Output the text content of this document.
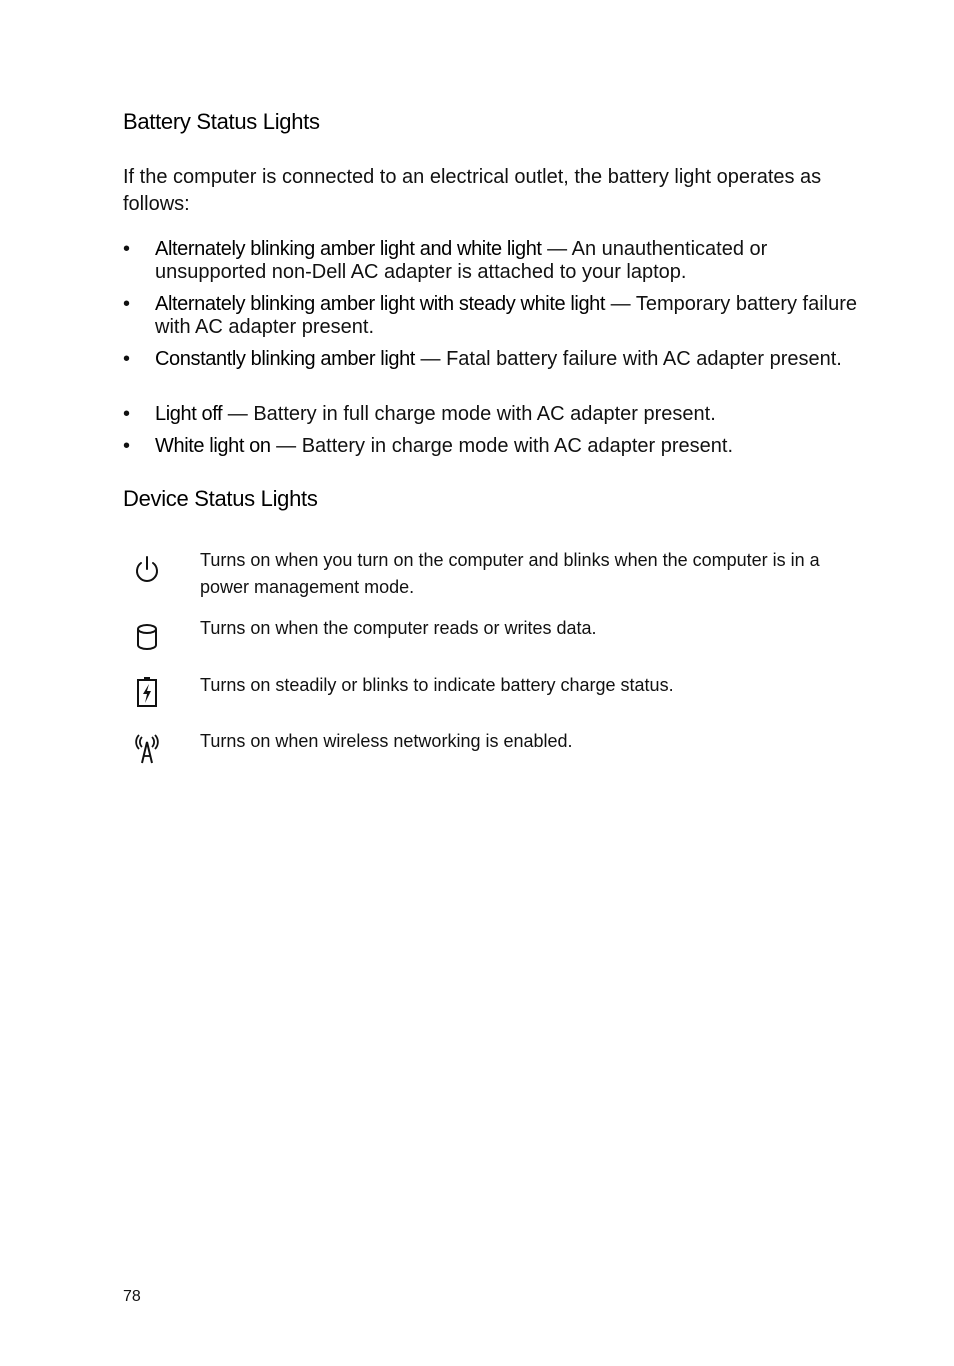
Battery Status Lights

If the computer is connected to an electrical outlet, the battery light operates as follows:

• Alternately blinking amber light and white light — An unauthenticated or unsupported non-Dell AC adapter is attached to your laptop.
• Alternately blinking amber light with steady white light — Temporary battery failure with AC adapter present.
• Constantly blinking amber light — Fatal battery failure with AC adapter present.
• Light off — Battery in full charge mode with AC adapter present.
• White light on — Battery in charge mode with AC adapter present.
Device Status Lights

Turns on when you turn on the computer and blinks when the computer is in a power management mode.

Turns on when the computer reads or writes data.

Turns on steadily or blinks to indicate battery charge status.

Turns on when wireless networking is enabled.

78
